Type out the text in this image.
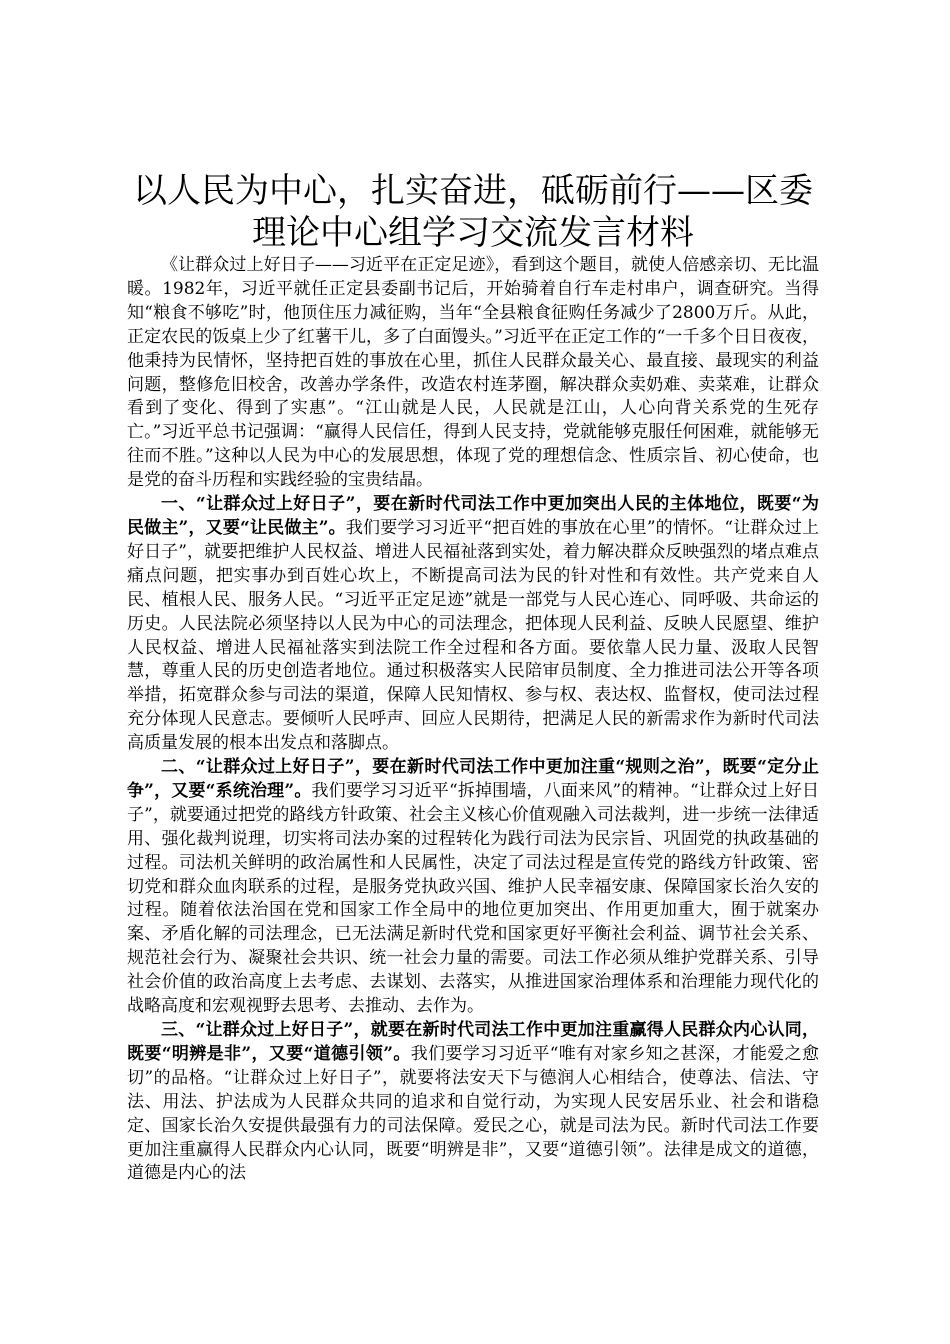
以人民为中心，扎实奋进，砥砺前行——区委
理论中心组学习交流发言材料

《让群众过上好日子——习近平在正定足迹》，看到这个题目，就使人倍感亲切、无比温暖。1982年，习近平就任正定县委副书记后，开始骑着自行车走村串户，调查研究。当得知“粮食不够吃”时，他顶住压力减征购，当年“全县粮食征购任务减少了2800万斤。从此，正定农民的饭桌上少了红薯干儿，多了白面馒头。”习近平在正定工作的“一千多个日日夜夜，他秉持为民情怀，坚持把百姓的事放在心里，抓住人民群众最关心、最直接、最现实的利益问题，整修危旧校舍，改善办学条件，改造农村连茅圈，解决群众卖奶难、卖菜难，让群众看到了变化、得到了实惠”。“江山就是人民，人民就是江山，人心向背关系党的生死存亡。”习近平总书记强调：“赢得人民信任，得到人民支持，党就能够克服任何困难，就能够无往而不胜。”这种以人民为中心的发展思想，体现了党的理想信念、性质宗旨、初心使命，也是党的奋斗历程和实践经验的宝贵结晶。

一、“让群众过上好日子”，要在新时代司法工作中更加突出人民的主体地位，既要“为民做主”，又要“让民做主”。我们要学习习近平“把百姓的事放在心里”的情怀。“让群众过上好日子”，就要把维护人民权益、增进人民福祉落到实处，着力解决群众反映强烈的堵点难点痛点问题，把实事办到百姓心坎上，不断提高司法为民的针对性和有效性。共产党来自人民、植根人民、服务人民。“习近平正定足迹”就是一部党与人民心连心、同呼吸、共命运的历史。人民法院必须坚持以人民为中心的司法理念，把体现人民利益、反映人民愿望、维护人民权益、增进人民福祉落实到法院工作全过程和各方面。要依靠人民力量、汲取人民智慧，尊重人民的历史创造者地位。通过积极落实人民陪审员制度、全力推进司法公开等各项举措，拓宽群众参与司法的渠道，保障人民知情权、参与权、表达权、监督权，使司法过程充分体现人民意志。要倾听人民呼声、回应人民期待，把满足人民的新需求作为新时代司法高质量发展的根本出发点和落脚点。

二、“让群众过上好日子”，要在新时代司法工作中更加注重“规则之治”，既要“定分止争”，又要“系统治理”。我们要学习习近平“拆掉围墙，八面来风”的精神。“让群众过上好日子”，就要通过把党的路线方针政策、社会主义核心价值观融入司法裁判，进一步统一法律适用、强化裁判说理，切实将司法办案的过程转化为践行司法为民宗旨、巩固党的执政基础的过程。司法机关鲜明的政治属性和人民属性，决定了司法过程是宣传党的路线方针政策、密切党和群众血肉联系的过程，是服务党执政兴国、维护人民幸福安康、保障国家长治久安的过程。随着依法治国在党和国家工作全局中的地位更加突出、作用更加重大，囿于就案办案、矛盾化解的司法理念，已无法满足新时代党和国家更好平衡社会利益、调节社会关系、规范社会行为、凝聚社会共识、统一社会力量的需要。司法工作必须从维护党群关系、引导社会价值的政治高度上去考虑、去谋划、去落实，从推进国家治理体系和治理能力现代化的战略高度和宏观视野去思考、去推动、去作为。

三、“让群众过上好日子”，就要在新时代司法工作中更加注重赢得人民群众内心认同，既要“明辨是非”，又要“道德引领”。我们要学习习近平“唯有对家乡知之甚深，才能爱之愈切”的品格。“让群众过上好日子”，就要将法安天下与德润人心相结合，使尊法、信法、守法、用法、护法成为人民群众共同的追求和自觉行动，为实现人民安居乐业、社会和谐稳定、国家长治久安提供最强有力的司法保障。爱民之心，就是司法为民。新时代司法工作要更加注重赢得人民群众内心认同，既要“明辨是非”，又要“道德引领”。法律是成文的道德，道德是内心的法
